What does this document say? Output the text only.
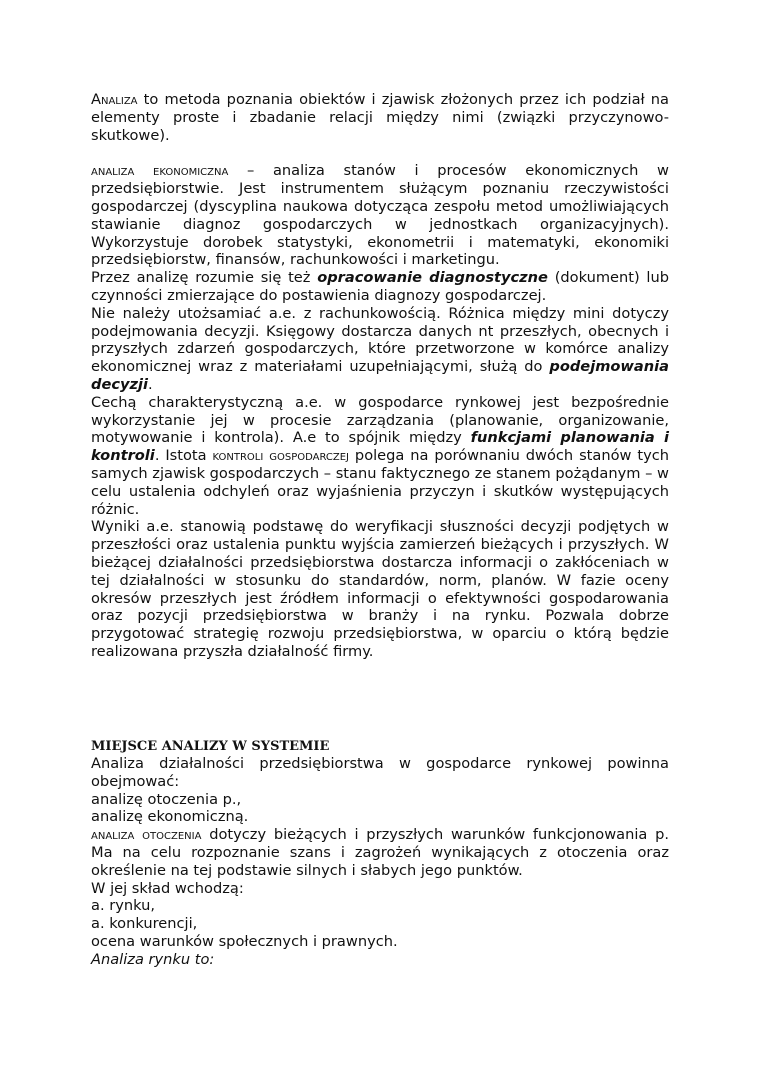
Analiza to metoda poznania obiektów i zjawisk złożonych przez ich podział na elementy proste i zbadanie relacji między nimi (związki przyczynowo-skutkowe).

analiza ekonomiczna – analiza stanów i procesów ekonomicznych w przedsiębiorstwie. Jest instrumentem służącym poznaniu rzeczywistości gospodarczej (dyscyplina naukowa dotycząca zespołu metod umożliwiających stawianie diagnoz gospodarczych w jednostkach organizacyjnych). Wykorzystuje dorobek statystyki, ekonometrii i matematyki, ekonomiki przedsiębiorstw, finansów, rachunkowości i marketingu.

Przez analizę rozumie się też opracowanie diagnostyczne (dokument) lub czynności zmierzające do postawienia diagnozy gospodarczej.

Nie należy utożsamiać a.e. z rachunkowością. Różnica między mini dotyczy podejmowania decyzji. Księgowy dostarcza danych nt przeszłych, obecnych i przyszłych zdarzeń gospodarczych, które przetworzone w komórce analizy ekonomicznej wraz z materiałami uzupełniającymi, służą do podejmowania decyzji.

Cechą charakterystyczną a.e. w gospodarce rynkowej jest bezpośrednie wykorzystanie jej w procesie zarządzania (planowanie, organizowanie, motywowanie i kontrola). A.e to spójnik między funkcjami planowania i kontroli. Istota kontroli gospodarczej polega na porównaniu dwóch stanów tych samych zjawisk gospodarczych – stanu faktycznego ze stanem pożądanym – w celu ustalenia odchyleń oraz wyjaśnienia przyczyn i skutków występujących różnic.

Wyniki a.e. stanowią podstawę do weryfikacji słuszności decyzji podjętych w przeszłości oraz ustalenia punktu wyjścia zamierzeń bieżących i przyszłych. W bieżącej działalności przedsiębiorstwa dostarcza informacji o zakłóceniach w tej działalności w stosunku do standardów, norm, planów. W fazie oceny okresów przeszłych jest źródłem informacji o efektywności gospodarowania oraz pozycji przedsiębiorstwa w branży i na rynku. Pozwala dobrze przygotować strategię rozwoju przedsiębiorstwa, w oparciu o którą będzie realizowana przyszła działalność firmy.

MIEJSCE ANALIZY W SYSTEMIE

Analiza działalności przedsiębiorstwa w gospodarce rynkowej powinna obejmować:

analizę otoczenia p.,

analizę ekonomiczną.

analiza otoczenia dotyczy bieżących i przyszłych warunków funkcjonowania p. Ma na celu rozpoznanie szans i zagrożeń wynikających z otoczenia oraz określenie na tej podstawie silnych i słabych jego punktów.

W jej skład wchodzą:

a. rynku,

a. konkurencji,

ocena warunków społecznych i prawnych.

Analiza rynku to:
